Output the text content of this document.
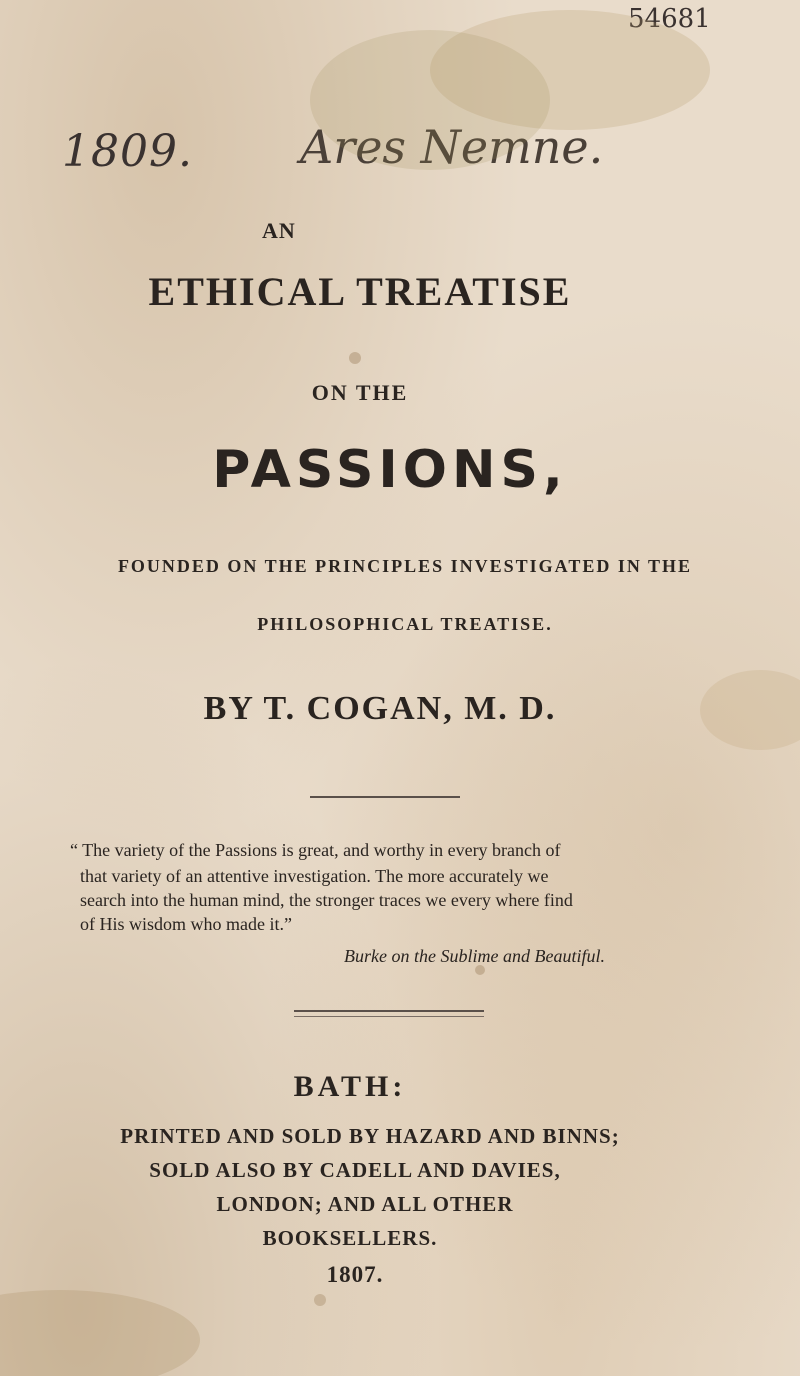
1809. Ares Nemne.
54681
AN
ETHICAL TREATISE
ON THE
PASSIONS,
FOUNDED ON THE PRINCIPLES INVESTIGATED IN THE
PHILOSOPHICAL TREATISE.
BY T. COGAN, M. D.
“ The variety of the Passions is great, and worthy in every branch of
that variety of an attentive investigation. The more accurately we
search into the human mind, the stronger traces we every where find
of His wisdom who made it.”
Burke on the Sublime and Beautiful.
BATH:
PRINTED AND SOLD BY HAZARD AND BINNS;
SOLD ALSO BY CADELL AND DAVIES,
LONDON; AND ALL OTHER
BOOKSELLERS.
1807.
